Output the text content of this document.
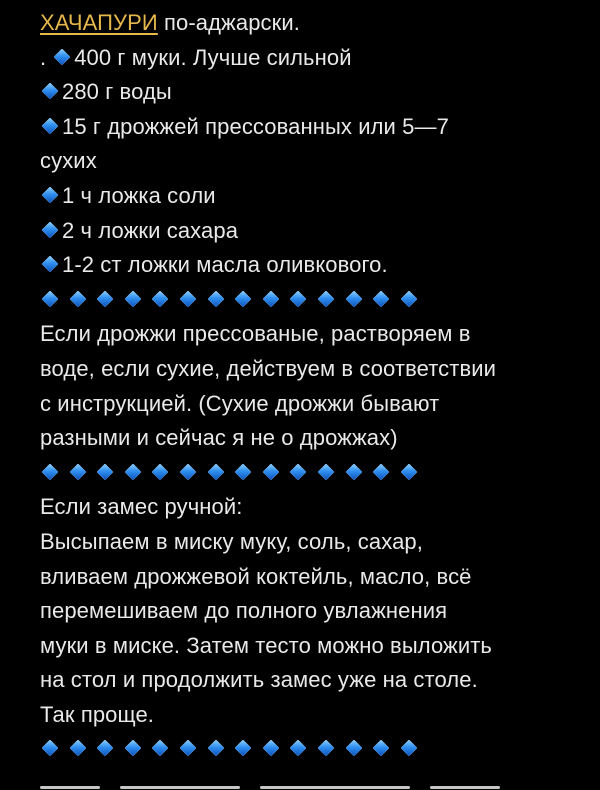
ХАЧАПУРИ по-аджарски.
. 400 г муки. Лучше сильной
280 г воды
15 г дрожжей прессованных или 5—7
сухих
1 ч ложка соли
2 ч ложки сахара
1-2 ст ложки масла оливкового.
Если дрожжи прессованые, растворяем в
воде, если сухие, действуем в соответствии
с инструкцией. (Сухие дрожжи бывают
разными и сейчас я не о дрожжах)
Если замес ручной:
Высыпаем в миску муку, соль, сахар,
вливаем дрожжевой коктейль, масло, всё
перемешиваем до полного увлажнения
муки в миске. Затем тесто можно выложить
на стол и продолжить замес уже на столе.
Так проще.
